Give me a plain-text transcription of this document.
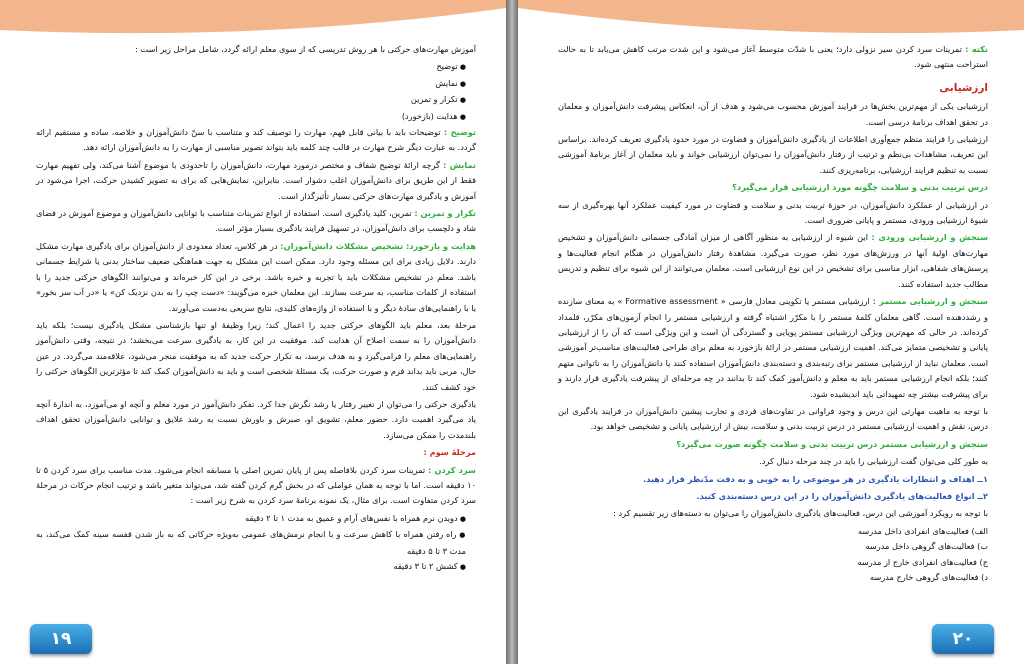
آموزش مهارت‌های حرکتی با هر روش تدریسی که از سوی معلم ارائه گردد، شامل مراحل زیر است :

● توضیح
● نمایش
● تکرار و تمرین
● هدایت (بازخورد)

توضیح : توضیحات باید با بیانی قابل فهم، مهارت را توصیف کند و متناسب با سنّ دانش‌آموزان و خلاصه، ساده و مستقیم ارائه گردد. به عبارت دیگر شرح مهارت در قالب چند کلمه باید بتواند تصویر مناسبی از مهارت را به دانش‌آموزان ارائه دهد.

نمایش : گرچه ارائهٔ توضیح شفاف و مختصر درمورد مهارت، دانش‌آموزان را تاحدودی با موضوع آشنا می‌کند، ولی تفهیم مهارت فقط از این طریق برای دانش‌آموزان اغلب دشوار است. بنابراین، نمایش‌هایی که برای به تصویر کشیدن حرکت، اجرا می‌شود در آموزش و یادگیری مهارت‌های حرکتی بسیار تأثیرگذار است.

تکرار و تمرین : تمرین، کلید یادگیری است. استفاده از انواع تمرینات متناسب با توانایی دانش‌آموزان و موضوع آموزش در فضای شاد و دلچسب برای دانش‌آموزان، در تسهیل فرایند یادگیری بسیار مؤثر است.

هدایت و بازخورد: تشخیص مشکلات دانش‌آموزان: در هر کلاس، تعداد معدودی از دانش‌آموزان برای یادگیری مهارت مشکل دارند. دلایل زیادی برای این مسئله وجود دارد. ممکن است این مشکل به جهت هماهنگی ضعیف ساختار بدنی یا شرایط جسمانی باشد. معلم در تشخیص مشکلات باید با تجربه و خبره باشد. برخی در این کار خبره‌اند و می‌توانند الگوهای حرکتی جدید را با استفاده از کلمات مناسب، به سرعت بسازند. این معلمان خبره می‌گویند: «دست چپ را به بدن نزدیک کن» یا «در آب سر بخور» یا با راهنمایی‌های سادهٔ دیگر و با استفاده از واژه‌های کلیدی، نتایج سریعی به‌دست می‌آورند.

مرحلهٔ بعد، معلم باید الگوهای حرکتی جدید را اعمال کند؛ زیرا وظیفهٔ او تنها بازشناسی مشکل یادگیری نیست؛ بلکه باید دانش‌آموزان را به سمت اصلاح آن هدایت کند. موفقیت در این کار، به یادگیری سرعت می‌بخشد؛ در نتیجه، وقتی دانش‌آموز راهنمایی‌های معلم را فرامی‌گیرد و به هدف برسد، به تکرار حرکت جدید که به موفقیت منجر می‌شود، علاقه‌مند می‌گردد. در عین حال، مربی باید بداند فرم و صورت حرکت، یک مسئلهٔ شخصی است و باید به دانش‌آموزان کمک کند تا مؤثرترین الگوهای حرکتی را خود کشف کنند.

یادگیری حرکتی را می‌توان از تغییر رفتار یا رشد نگرش جدا کرد. تفکر دانش‌آموز در مورد معلم و آنچه او می‌آموزد، به اندازهٔ آنچه یاد می‌گیرد اهمیت دارد. حضور معلم، تشویق او، صبرش و باورش نسبت به رشد علایق و توانایی دانش‌آموزان تحقق اهداف بلندمدت را ممکن می‌سازد.

مرحلهٔ سوم :

سرد کردن : تمرینات سرد کردن بلافاصله پس از پایان تمرین اصلی یا مسابقه انجام می‌شود. مدت مناسب برای سرد کردن ۵ تا ۱۰ دقیقه است. اما با توجه به همان عواملی که در بخش گرم کردن گفته شد، می‌تواند متغیر باشد و ترتیب انجام حرکات در مرحلهٔ سرد کردن متفاوت است. برای مثال، یک نمونه برنامهٔ سرد کردن به شرح زیر است :

● دویدن نرم همراه با نفس‌های آرام و عمیق به مدت ۱ تا ۲ دقیقه
● راه رفتن همراه با کاهش سرعت و با انجام نرمش‌های عمومی به‌ویژه حرکاتی که به باز شدن قفسه سینه کمک می‌کند، به مدت ۳ تا ۵ دقیقه
● کشش ۲ تا ۳ دقیقه
۱۹

نکته : تمرینات سرد کردن سیر نزولی دارد؛ یعنی با شدّت متوسط آغاز می‌شود و این شدت مرتب کاهش می‌یابد تا به حالت استراحت منتهی شود.

ارزشیابی

ارزشیابی یکی از مهم‌ترین بخش‌ها در فرایند آموزش محسوب می‌شود و هدف از آن، انعکاس پیشرفت دانش‌آموزان و معلمان در تحقق اهداف برنامهٔ درسی است.

ارزشیابی را فرایند منظم جمع‌آوری اطلاعات از یادگیری دانش‌آموزان و قضاوت در مورد حدود یادگیری تعریف کرده‌اند. براساس این تعریف، مشاهدات بی‌نظم و ترتیب از رفتار دانش‌آموزان را نمی‌توان ارزشیابی خواند و باید معلمان از آغاز برنامهٔ آموزشی نسبت به تنظیم فرایند ارزشیابی، برنامه‌ریزی کنند.

درس تربیت بدنی و سلامت چگونه مورد ارزشیابی قرار می‌گیرد؟

در ارزشیابی از عملکرد دانش‌آموزان، در حوزهٔ تربیت بدنی و سلامت و قضاوت در مورد کیفیت عملکرد آنها بهره‌گیری از سه شیوهٔ ارزشیابی ورودی، مستمر و پایانی ضروری است.

سنجش و ارزشیابی ورودی : این شیوه از ارزشیابی به منظور آگاهی از میزان آمادگی جسمانی دانش‌آموزان و تشخیص مهارت‌های اولیهٔ آنها در ورزش‌های مورد نظر، صورت می‌گیرد. مشاهدهٔ رفتار دانش‌آموزان در هنگام انجام فعالیت‌ها و پرسش‌های شفاهی، ابزار مناسبی برای تشخیص در این نوع ارزشیابی است. معلمان می‌توانند از این شیوه برای تنظیم و تدریس مطالب جدید استفاده کنند.

سنجش و ارزشیابی مستمر : ارزشیابی مستمر یا تکوینی معادل فارسی « Formative assessment » به معنای سازنده و رشددهنده است. گاهی معلمان کلمهٔ مستمر را با مکرّر اشتباه گرفته و ارزشیابی مستمر را انجام آزمون‌های مکرّر، قلمداد کرده‌اند. در حالی که مهم‌ترین ویژگی ارزشیابی مستمر پویایی و گستردگی آن است و این ویژگی است که آن را از ارزشیابی پایانی و تشخیصی متمایز می‌کند. اهمیت ارزشیابی مستمر در ارائهٔ بازخورد به معلم برای طراحی فعالیت‌های مناسب‌تر آموزشی است. معلمان نباید از ارزشیابی مستمر برای رتبه‌بندی و دسته‌بندی دانش‌آموزان استفاده کنند یا دانش‌آموزان را به ناتوانی متهم کنند؛ بلکه انجام ارزشیابی مستمر باید به معلم و دانش‌آموز کمک کند تا بدانند در چه مرحله‌ای از پیشرفت یادگیری قرار دارند و برای پیشرفت بیشتر چه تمهیداتی باید اندیشیده شود.

با توجه به ماهیت مهارتی این درس و وجود فراوانی در تفاوت‌های فردی و تجارب پیشین دانش‌آموزان در فرایند یادگیری این درس، نقش و اهمیت ارزشیابی مستمر در درس تربیت بدنی و سلامت، بیش از ارزشیابی پایانی و تشخیصی خواهد بود.

سنجش و ارزشیابی مستمر درس تربیت بدنی و سلامت چگونه صورت می‌گیرد؟

به طور کلی می‌توان گفت ارزشیابی را باید در چند مرحله دنبال کرد.

۱ــ اهداف و انتظارات یادگیری در هر موضوعی را به خوبی و به دقت مدّنظر قرار دهید.

۲ــ انواع فعالیت‌های یادگیری دانش‌آموزان را در این درس دسته‌بندی کنید.

با توجه به رویکرد آموزشی این درس، فعالیت‌های یادگیری دانش‌آموزان را می‌توان به دسته‌های زیر تقسیم کرد :

الف) فعالیت‌های انفرادی داخل مدرسه
ب) فعالیت‌های گروهی داخل مدرسه
ج) فعالیت‌های انفرادی خارج از مدرسه
د) فعالیت‌های گروهی خارج مدرسه
۲۰
